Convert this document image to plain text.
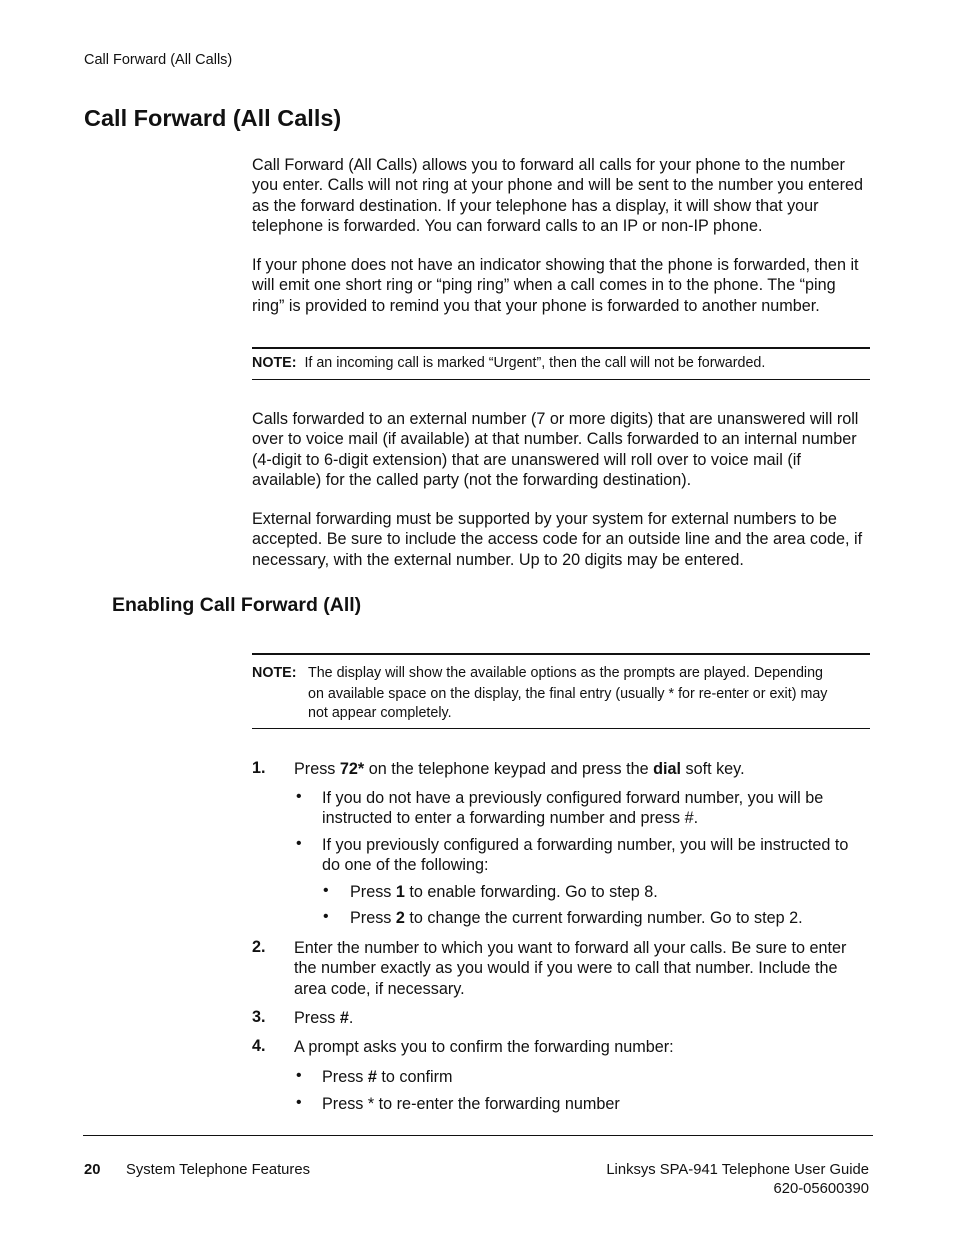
Call Forward (All Calls)
Call Forward (All Calls)

Call Forward (All Calls) allows you to forward all calls for your phone to the number you enter. Calls will not ring at your phone and will be sent to the number you entered as the forward destination. If your telephone has a display, it will show that your telephone is forwarded. You can forward calls to an IP or non-IP phone.

If your phone does not have an indicator showing that the phone is forwarded, then it will emit one short ring or “ping ring” when a call comes in to the phone. The “ping ring” is provided to remind you that your phone is forwarded to another number.

NOTE: If an incoming call is marked “Urgent”, then the call will not be forwarded.

Calls forwarded to an external number (7 or more digits) that are unanswered will roll over to voice mail (if available) at that number. Calls forwarded to an internal number (4-digit to 6-digit extension) that are unanswered will roll over to voice mail (if available) for the called party (not the forwarding destination).

External forwarding must be supported by your system for external numbers to be accepted. Be sure to include the access code for an outside line and the area code, if necessary, with the external number. Up to 20 digits may be entered.

Enabling Call Forward (All)
NOTE: The display will show the available options as the prompts are played. Depending
on available space on the display, the final entry (usually * for re-enter or exit) may
not appear completely.
1. Press 72* on the telephone keypad and press the dial soft key.
• If you do not have a previously configured forward number, you will be instructed to enter a forwarding number and press #.
• If you previously configured a forwarding number, you will be instructed to do one of the following:
• Press 1 to enable forwarding. Go to step 8.
• Press 2 to change the current forwarding number. Go to step 2.
2. Enter the number to which you want to forward all your calls. Be sure to enter the number exactly as you would if you were to call that number. Include the area code, if necessary.
3. Press #.
4. A prompt asks you to confirm the forwarding number:
• Press # to confirm
• Press * to re-enter the forwarding number
20 System Telephone Features	Linksys SPA-941 Telephone User Guide
620-05600390
